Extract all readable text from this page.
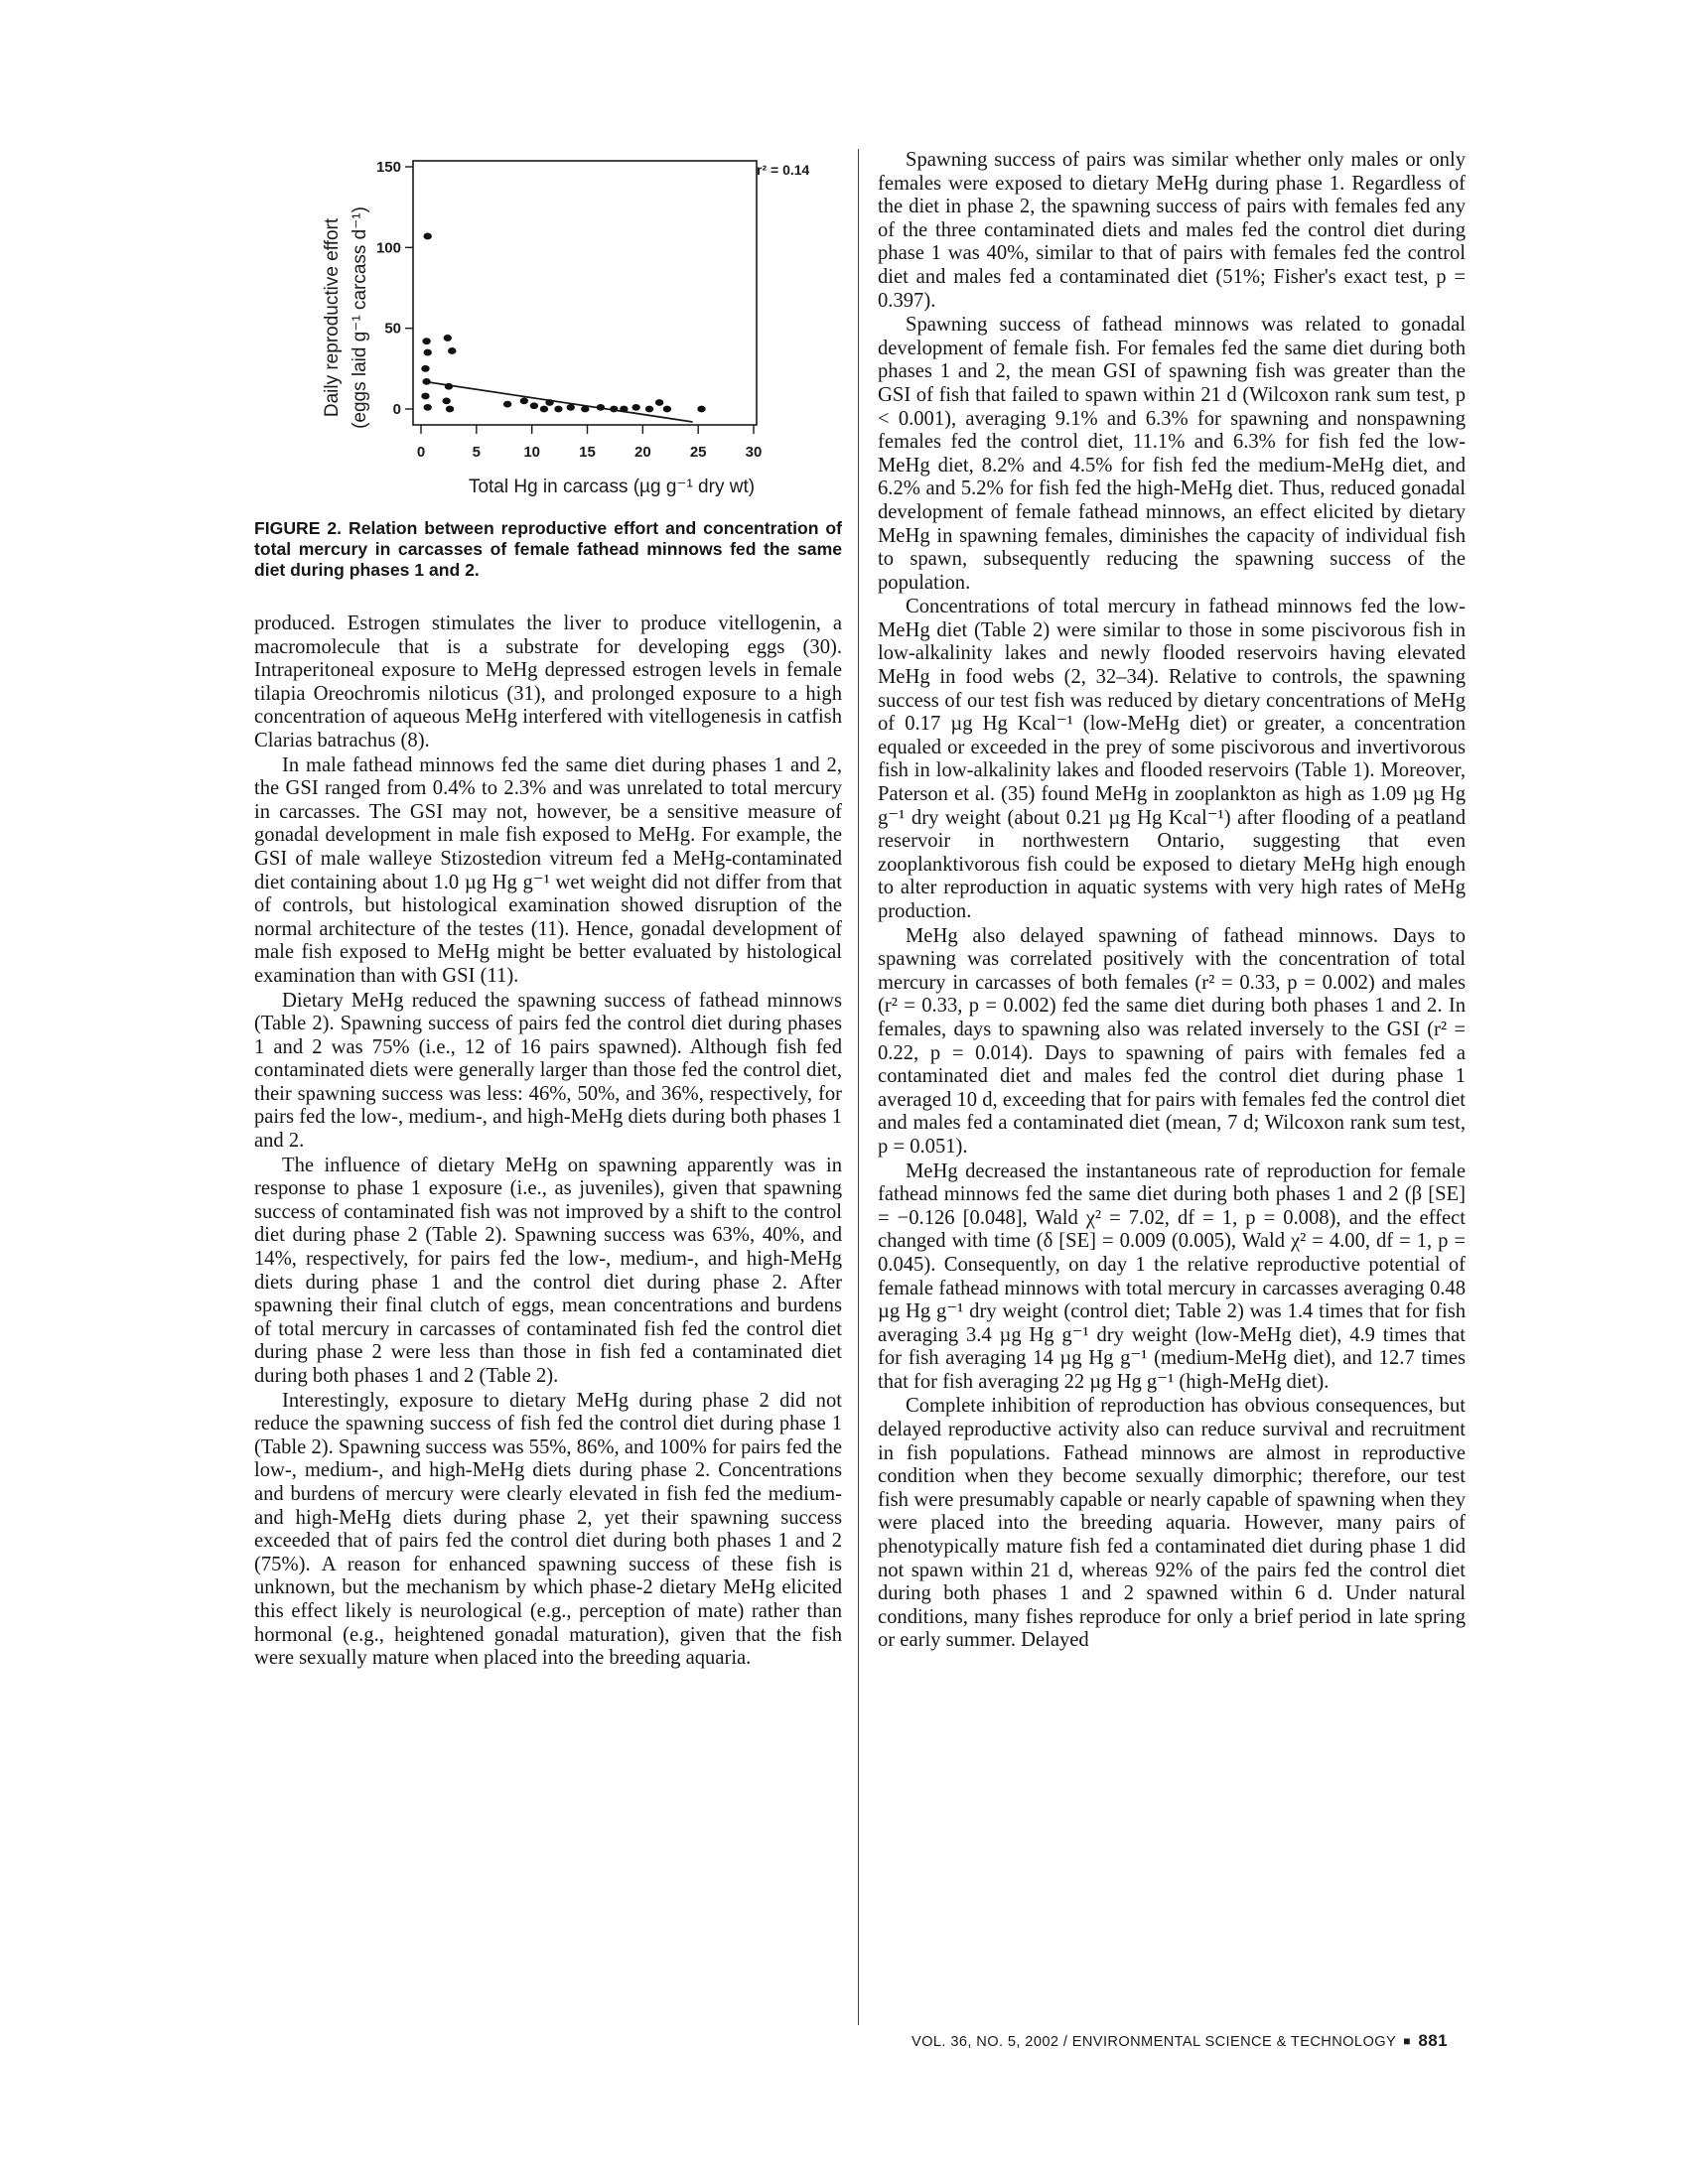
0	5	10	15	20	25	30
0
50
100
150	r² = 0.14
Daily reproductive effort (eggs laid g⁻¹ carcass d⁻¹)
Total Hg in carcass (µg g⁻¹ dry wt)
FIGURE 2. Relation between reproductive effort and concentration of total mercury in carcasses of female fathead minnows fed the same diet during phases 1 and 2.

produced. Estrogen stimulates the liver to produce vitellogenin, a macromolecule that is a substrate for developing eggs (30). Intraperitoneal exposure to MeHg depressed estrogen levels in female tilapia Oreochromis niloticus (31), and prolonged exposure to a high concentration of aqueous MeHg interfered with vitellogenesis in catfish Clarias batrachus (8).

In male fathead minnows fed the same diet during phases 1 and 2, the GSI ranged from 0.4% to 2.3% and was unrelated to total mercury in carcasses. The GSI may not, however, be a sensitive measure of gonadal development in male fish exposed to MeHg. For example, the GSI of male walleye Stizostedion vitreum fed a MeHg-contaminated diet containing about 1.0 µg Hg g⁻¹ wet weight did not differ from that of controls, but histological examination showed disruption of the normal architecture of the testes (11). Hence, gonadal development of male fish exposed to MeHg might be better evaluated by histological examination than with GSI (11).

Dietary MeHg reduced the spawning success of fathead minnows (Table 2). Spawning success of pairs fed the control diet during phases 1 and 2 was 75% (i.e., 12 of 16 pairs spawned). Although fish fed contaminated diets were generally larger than those fed the control diet, their spawning success was less: 46%, 50%, and 36%, respectively, for pairs fed the low-, medium-, and high-MeHg diets during both phases 1 and 2.

The influence of dietary MeHg on spawning apparently was in response to phase 1 exposure (i.e., as juveniles), given that spawning success of contaminated fish was not improved by a shift to the control diet during phase 2 (Table 2). Spawning success was 63%, 40%, and 14%, respectively, for pairs fed the low-, medium-, and high-MeHg diets during phase 1 and the control diet during phase 2. After spawning their final clutch of eggs, mean concentrations and burdens of total mercury in carcasses of contaminated fish fed the control diet during phase 2 were less than those in fish fed a contaminated diet during both phases 1 and 2 (Table 2).

Interestingly, exposure to dietary MeHg during phase 2 did not reduce the spawning success of fish fed the control diet during phase 1 (Table 2). Spawning success was 55%, 86%, and 100% for pairs fed the low-, medium-, and high-MeHg diets during phase 2. Concentrations and burdens of mercury were clearly elevated in fish fed the medium- and high-MeHg diets during phase 2, yet their spawning success exceeded that of pairs fed the control diet during both phases 1 and 2 (75%). A reason for enhanced spawning success of these fish is unknown, but the mechanism by which phase-2 dietary MeHg elicited this effect likely is neurological (e.g., perception of mate) rather than hormonal (e.g., heightened gonadal maturation), given that the fish were sexually mature when placed into the breeding aquaria.

Spawning success of pairs was similar whether only males or only females were exposed to dietary MeHg during phase 1. Regardless of the diet in phase 2, the spawning success of pairs with females fed any of the three contaminated diets and males fed the control diet during phase 1 was 40%, similar to that of pairs with females fed the control diet and males fed a contaminated diet (51%; Fisher's exact test, p = 0.397).

Spawning success of fathead minnows was related to gonadal development of female fish. For females fed the same diet during both phases 1 and 2, the mean GSI of spawning fish was greater than the GSI of fish that failed to spawn within 21 d (Wilcoxon rank sum test, p < 0.001), averaging 9.1% and 6.3% for spawning and nonspawning females fed the control diet, 11.1% and 6.3% for fish fed the low-MeHg diet, 8.2% and 4.5% for fish fed the medium-MeHg diet, and 6.2% and 5.2% for fish fed the high-MeHg diet. Thus, reduced gonadal development of female fathead minnows, an effect elicited by dietary MeHg in spawning females, diminishes the capacity of individual fish to spawn, subsequently reducing the spawning success of the population.

Concentrations of total mercury in fathead minnows fed the low-MeHg diet (Table 2) were similar to those in some piscivorous fish in low-alkalinity lakes and newly flooded reservoirs having elevated MeHg in food webs (2, 32–34). Relative to controls, the spawning success of our test fish was reduced by dietary concentrations of MeHg of 0.17 µg Hg Kcal⁻¹ (low-MeHg diet) or greater, a concentration equaled or exceeded in the prey of some piscivorous and invertivorous fish in low-alkalinity lakes and flooded reservoirs (Table 1). Moreover, Paterson et al. (35) found MeHg in zooplankton as high as 1.09 µg Hg g⁻¹ dry weight (about 0.21 µg Hg Kcal⁻¹) after flooding of a peatland reservoir in northwestern Ontario, suggesting that even zooplanktivorous fish could be exposed to dietary MeHg high enough to alter reproduction in aquatic systems with very high rates of MeHg production.

MeHg also delayed spawning of fathead minnows. Days to spawning was correlated positively with the concentration of total mercury in carcasses of both females (r² = 0.33, p = 0.002) and males (r² = 0.33, p = 0.002) fed the same diet during both phases 1 and 2. In females, days to spawning also was related inversely to the GSI (r² = 0.22, p = 0.014). Days to spawning of pairs with females fed a contaminated diet and males fed the control diet during phase 1 averaged 10 d, exceeding that for pairs with females fed the control diet and males fed a contaminated diet (mean, 7 d; Wilcoxon rank sum test, p = 0.051).

MeHg decreased the instantaneous rate of reproduction for female fathead minnows fed the same diet during both phases 1 and 2 (β [SE] = −0.126 [0.048], Wald χ² = 7.02, df = 1, p = 0.008), and the effect changed with time (δ [SE] = 0.009 (0.005), Wald χ² = 4.00, df = 1, p = 0.045). Consequently, on day 1 the relative reproductive potential of female fathead minnows with total mercury in carcasses averaging 0.48 µg Hg g⁻¹ dry weight (control diet; Table 2) was 1.4 times that for fish averaging 3.4 µg Hg g⁻¹ dry weight (low-MeHg diet), 4.9 times that for fish averaging 14 µg Hg g⁻¹ (medium-MeHg diet), and 12.7 times that for fish averaging 22 µg Hg g⁻¹ (high-MeHg diet).

Complete inhibition of reproduction has obvious consequences, but delayed reproductive activity also can reduce survival and recruitment in fish populations. Fathead minnows are almost in reproductive condition when they become sexually dimorphic; therefore, our test fish were presumably capable or nearly capable of spawning when they were placed into the breeding aquaria. However, many pairs of phenotypically mature fish fed a contaminated diet during phase 1 did not spawn within 21 d, whereas 92% of the pairs fed the control diet during both phases 1 and 2 spawned within 6 d. Under natural conditions, many fishes reproduce for only a brief period in late spring or early summer. Delayed

VOL. 36, NO. 5, 2002 / ENVIRONMENTAL SCIENCE & TECHNOLOGY ■ 881
